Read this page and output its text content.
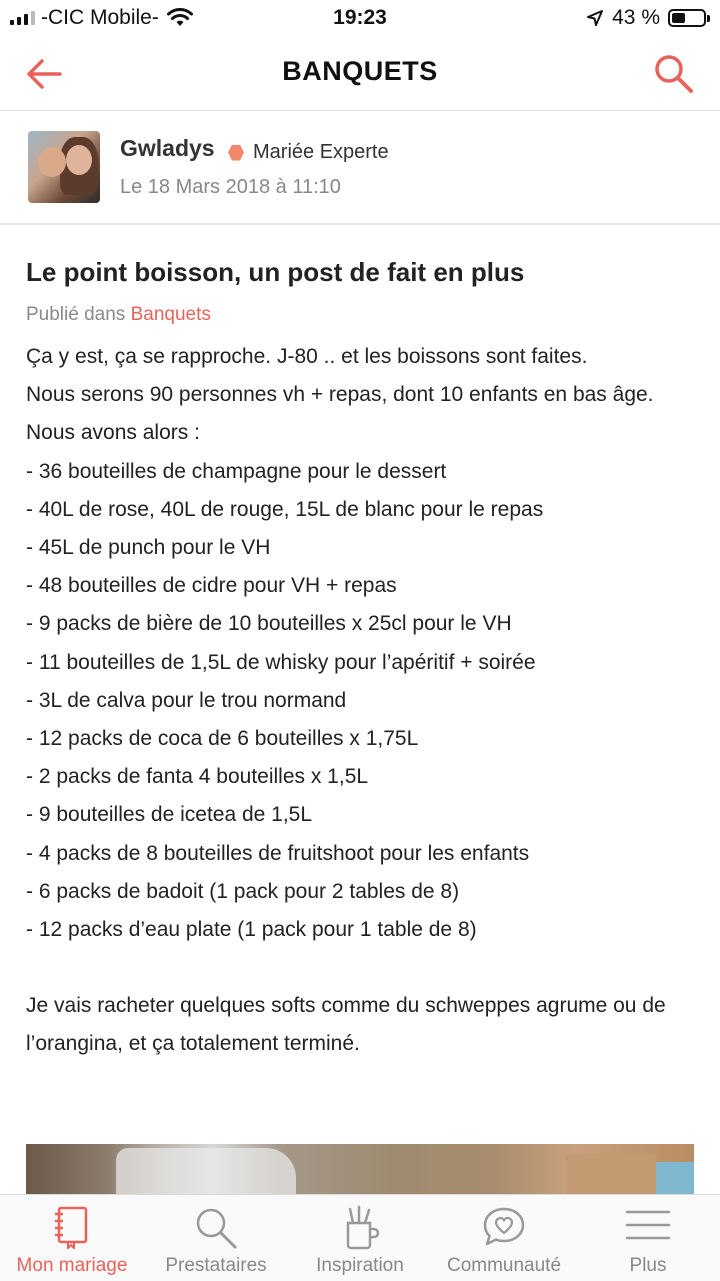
-CIC Mobile-	19:23	43 %
BANQUETS
Gwladys Mariée Experte
Le 18 Mars 2018 à 11:10
Le point boisson, un post de fait en plus
Publié dans Banquets

Ça y est, ça se rapproche. J-80 .. et les boissons sont faites.

Nous serons 90 personnes vh + repas, dont 10 enfants en bas âge.

Nous avons alors :

- 36 bouteilles de champagne pour le dessert

- 40L de rose, 40L de rouge, 15L de blanc pour le repas

- 45L de punch pour le VH

- 48 bouteilles de cidre pour VH + repas

- 9 packs de bière de 10 bouteilles x 25cl pour le VH

- 11 bouteilles de 1,5L de whisky pour l’apéritif + soirée

- 3L de calva pour le trou normand

- 12 packs de coca de 6 bouteilles x 1,75L

- 2 packs de fanta 4 bouteilles x 1,5L

- 9 bouteilles de icetea de 1,5L

- 4 packs de 8 bouteilles de fruitshoot pour les enfants

- 6 packs de badoit (1 pack pour 2 tables de 8)

- 12 packs d’eau plate (1 pack pour 1 table de 8)

Je vais racheter quelques softs comme du schweppes agrume ou de l’orangina, et ça totalement terminé.

Mon mariage	Prestataires	Inspiration	Communauté	Plus
